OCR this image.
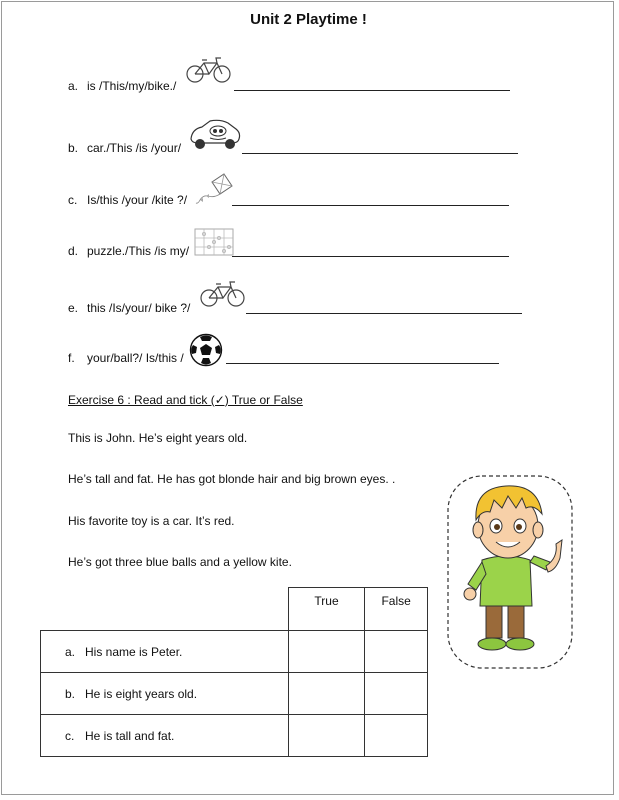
Unit 2 Playtime !
a. is /This/my/bike./
b. car./This /is /your/
c. Is/this /your /kite ?/
d. puzzle./This /is my/
e. this /Is/your/ bike ?/
f. your/ball?/ Is/this /
Exercise 6 : Read and tick (✓) True or False
This is John. He’s eight years old.
He’s tall and fat. He has got blonde hair and big brown eyes. .
His favorite toy is a car. It’s red.
He’s got three blue balls and a yellow kite.
	True	False
a. His name is Peter.		
b. He is eight years old.		
c. He is tall and fat.		
